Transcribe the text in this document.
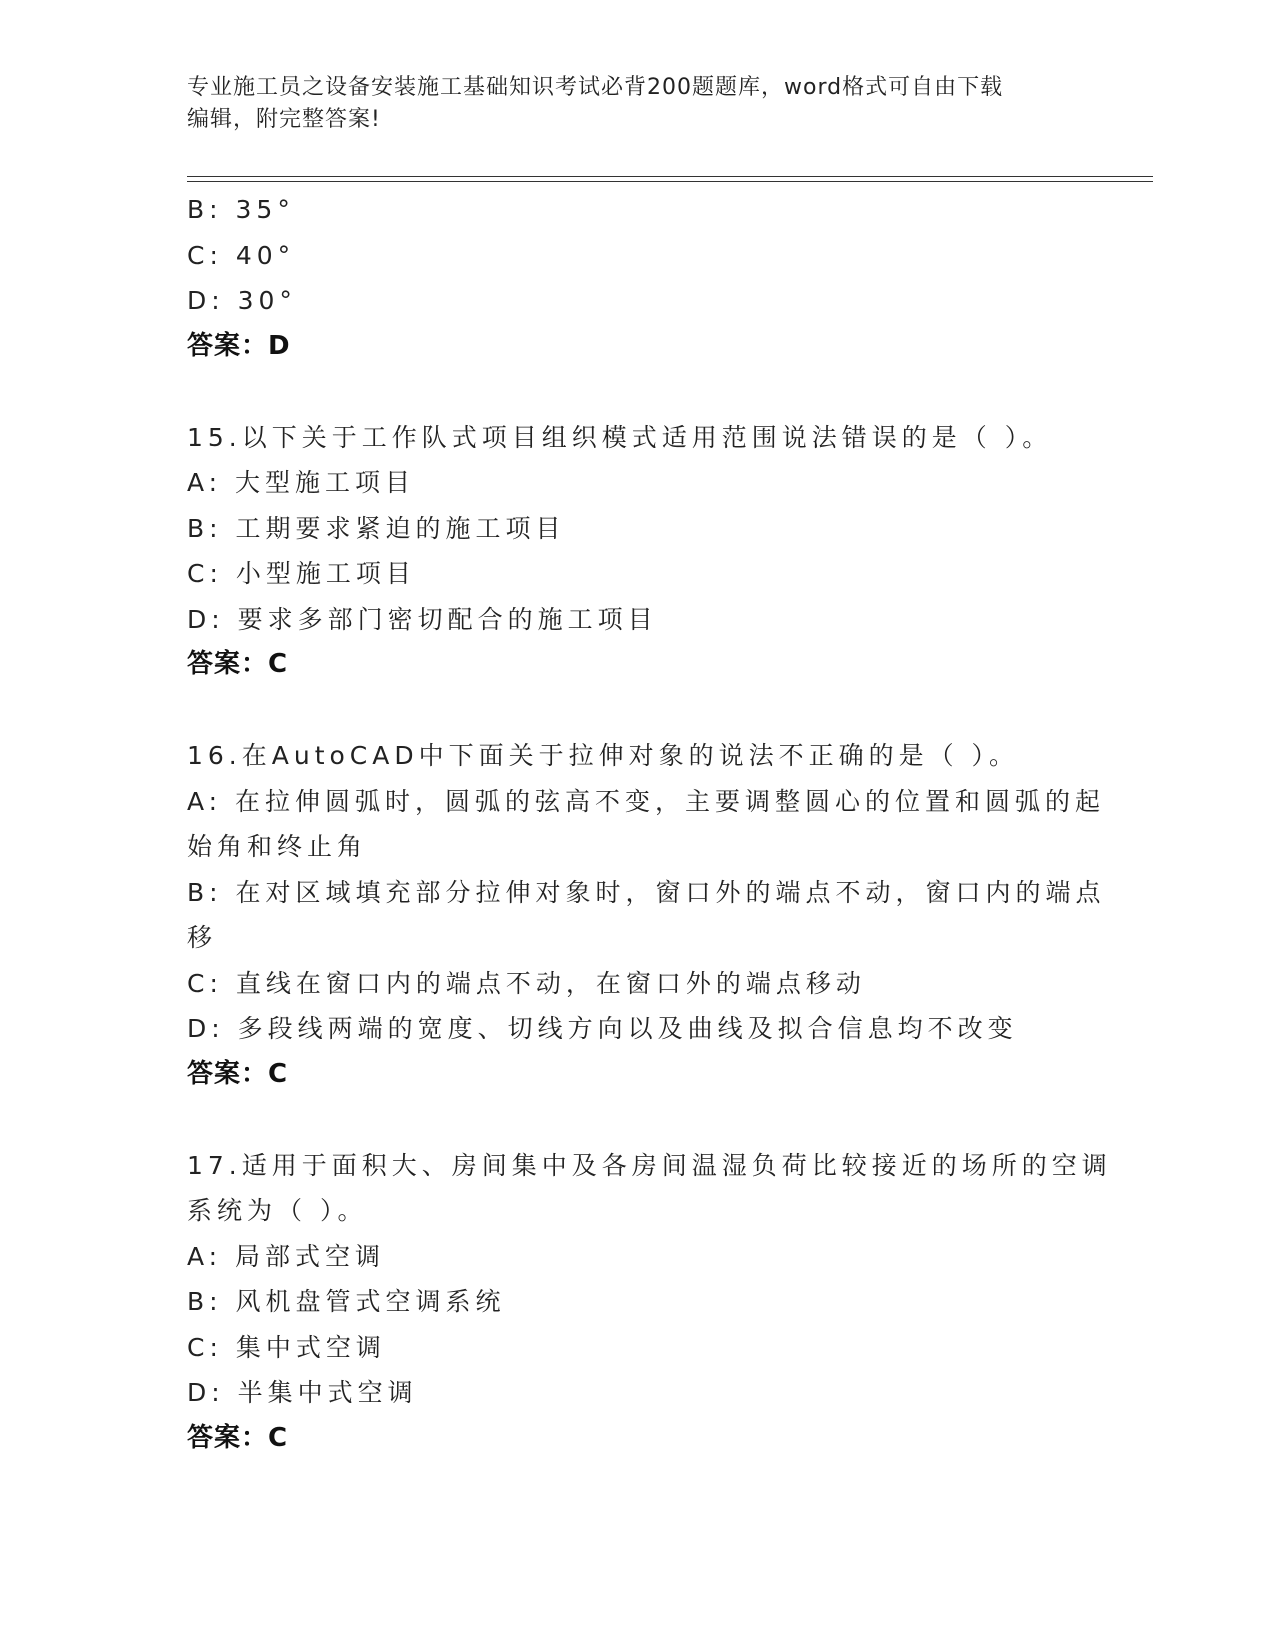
专业施工员之设备安装施工基础知识考试必背200题题库，word格式可自由下载
编辑，附完整答案!
B: 35°
C: 40°
D: 30°
答案：D
15.以下关于工作队式项目组织模式适用范围说法错误的是（ ）。
A: 大型施工项目
B: 工期要求紧迫的施工项目
C: 小型施工项目
D: 要求多部门密切配合的施工项目
答案：C
16.在AutoCAD中下面关于拉伸对象的说法不正确的是（ ）。
A: 在拉伸圆弧时，圆弧的弦高不变，主要调整圆心的位置和圆弧的起
始角和终止角
B: 在对区域填充部分拉伸对象时，窗口外的端点不动，窗口内的端点
移
C: 直线在窗口内的端点不动，在窗口外的端点移动
D: 多段线两端的宽度、切线方向以及曲线及拟合信息均不改变
答案：C
17.适用于面积大、房间集中及各房间温湿负荷比较接近的场所的空调
系统为（ ）。
A: 局部式空调
B: 风机盘管式空调系统
C: 集中式空调
D: 半集中式空调
答案：C
